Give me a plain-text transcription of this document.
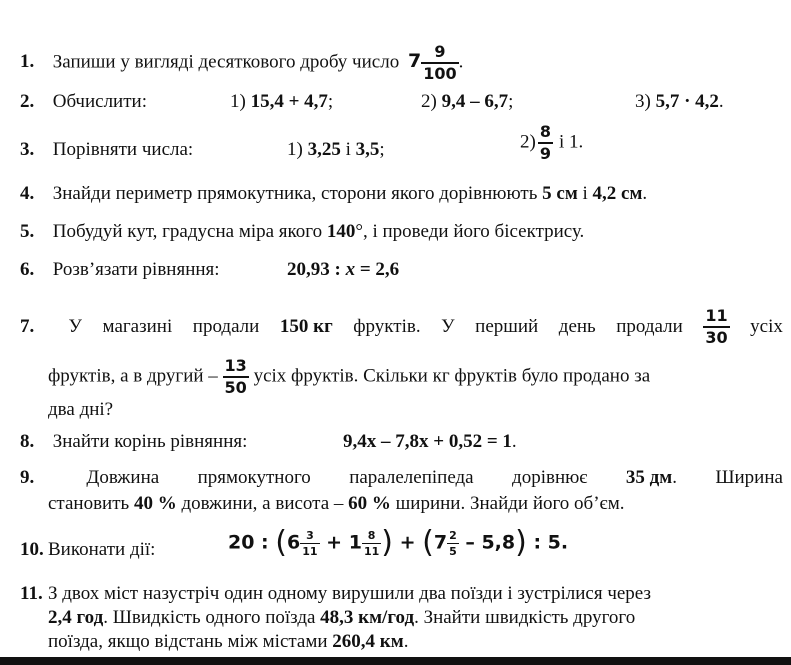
1. Запиши у вигляді десяткового дробу число $7 \frac{9}{100}$ .
2. Обчислити:	1) 15,4 + 4,7;	2) 9,4 – 6,7;	3) 5,7 · 4,2.
3. Порівняти числа:	1) 3,25 і 3,5;	$2) \frac{8}{9}$ і 1.
4. Знайди периметр прямокутника, сторони якого дорівнюють 5 см і 4,2 см.
5. Побудуй кут, градусна міра якого 140°, і проведи його бісектрису.
6. Розв’язати рівняння:	20,93 : x = 2,6
7.	У магазині продали 150 кг фруктів. У перший день продали $\frac{11}{30}$ усіх
фруктів, а в другий – $\frac{13}{50}$ усіх фруктів. Скільки кг фруктів було продано за
два дні?
8. Знайти корінь рівняння:	9,4x – 7,8x + 0,52 = 1.
9.	Довжина прямокутного паралелепіпеда дорівнює 35 дм. Ширина
становить 40 % довжини, а висота – 60 % ширини. Знайди його об’єм.
10. Виконати дії:	20 : ($6 \frac{3}{11} + 1 \frac{8}{11}$ ) + $(7 \frac{2}{5} - 5,8)$ : 5.
11. З двох міст назустріч один одному вирушили два поїзди і зустрілися через
2,4 год. Швидкість одного поїзда 48,3 км/год. Знайти швидкість другого
поїзда, якщо відстань між містами 260,4 км.
